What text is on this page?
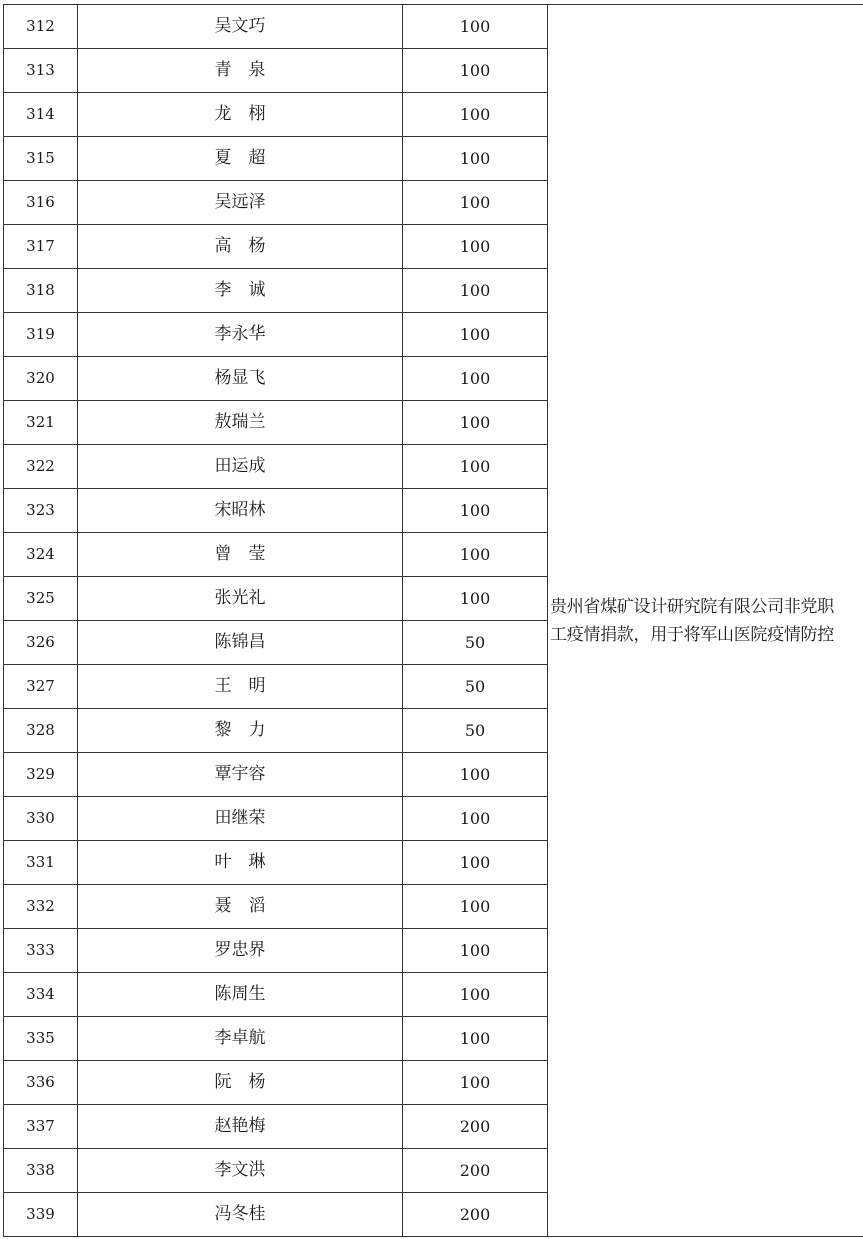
312	吴文巧	100	贵州省煤矿设计研究院有限公司非党职
工疫情捐款，用于将军山医院疫情防控
313	青　泉	100	
314	龙　栩	100	
315	夏　超	100	
316	吴远泽	100	
317	高　杨	100	
318	李　诚	100	
319	李永华	100	
320	杨显飞	100	
321	敖瑞兰	100	
322	田运成	100	
323	宋昭林	100	
324	曾　莹	100	
325	张光礼	100	
326	陈锦昌	50	
327	王　明	50	
328	黎　力	50	
329	覃宇容	100	
330	田继荣	100	
331	叶　琳	100	
332	聂　滔	100	
333	罗忠界	100	
334	陈周生	100	
335	李卓航	100	
336	阮　杨	100	
337	赵艳梅	200	
338	李文洪	200	
339	冯冬桂	200	
